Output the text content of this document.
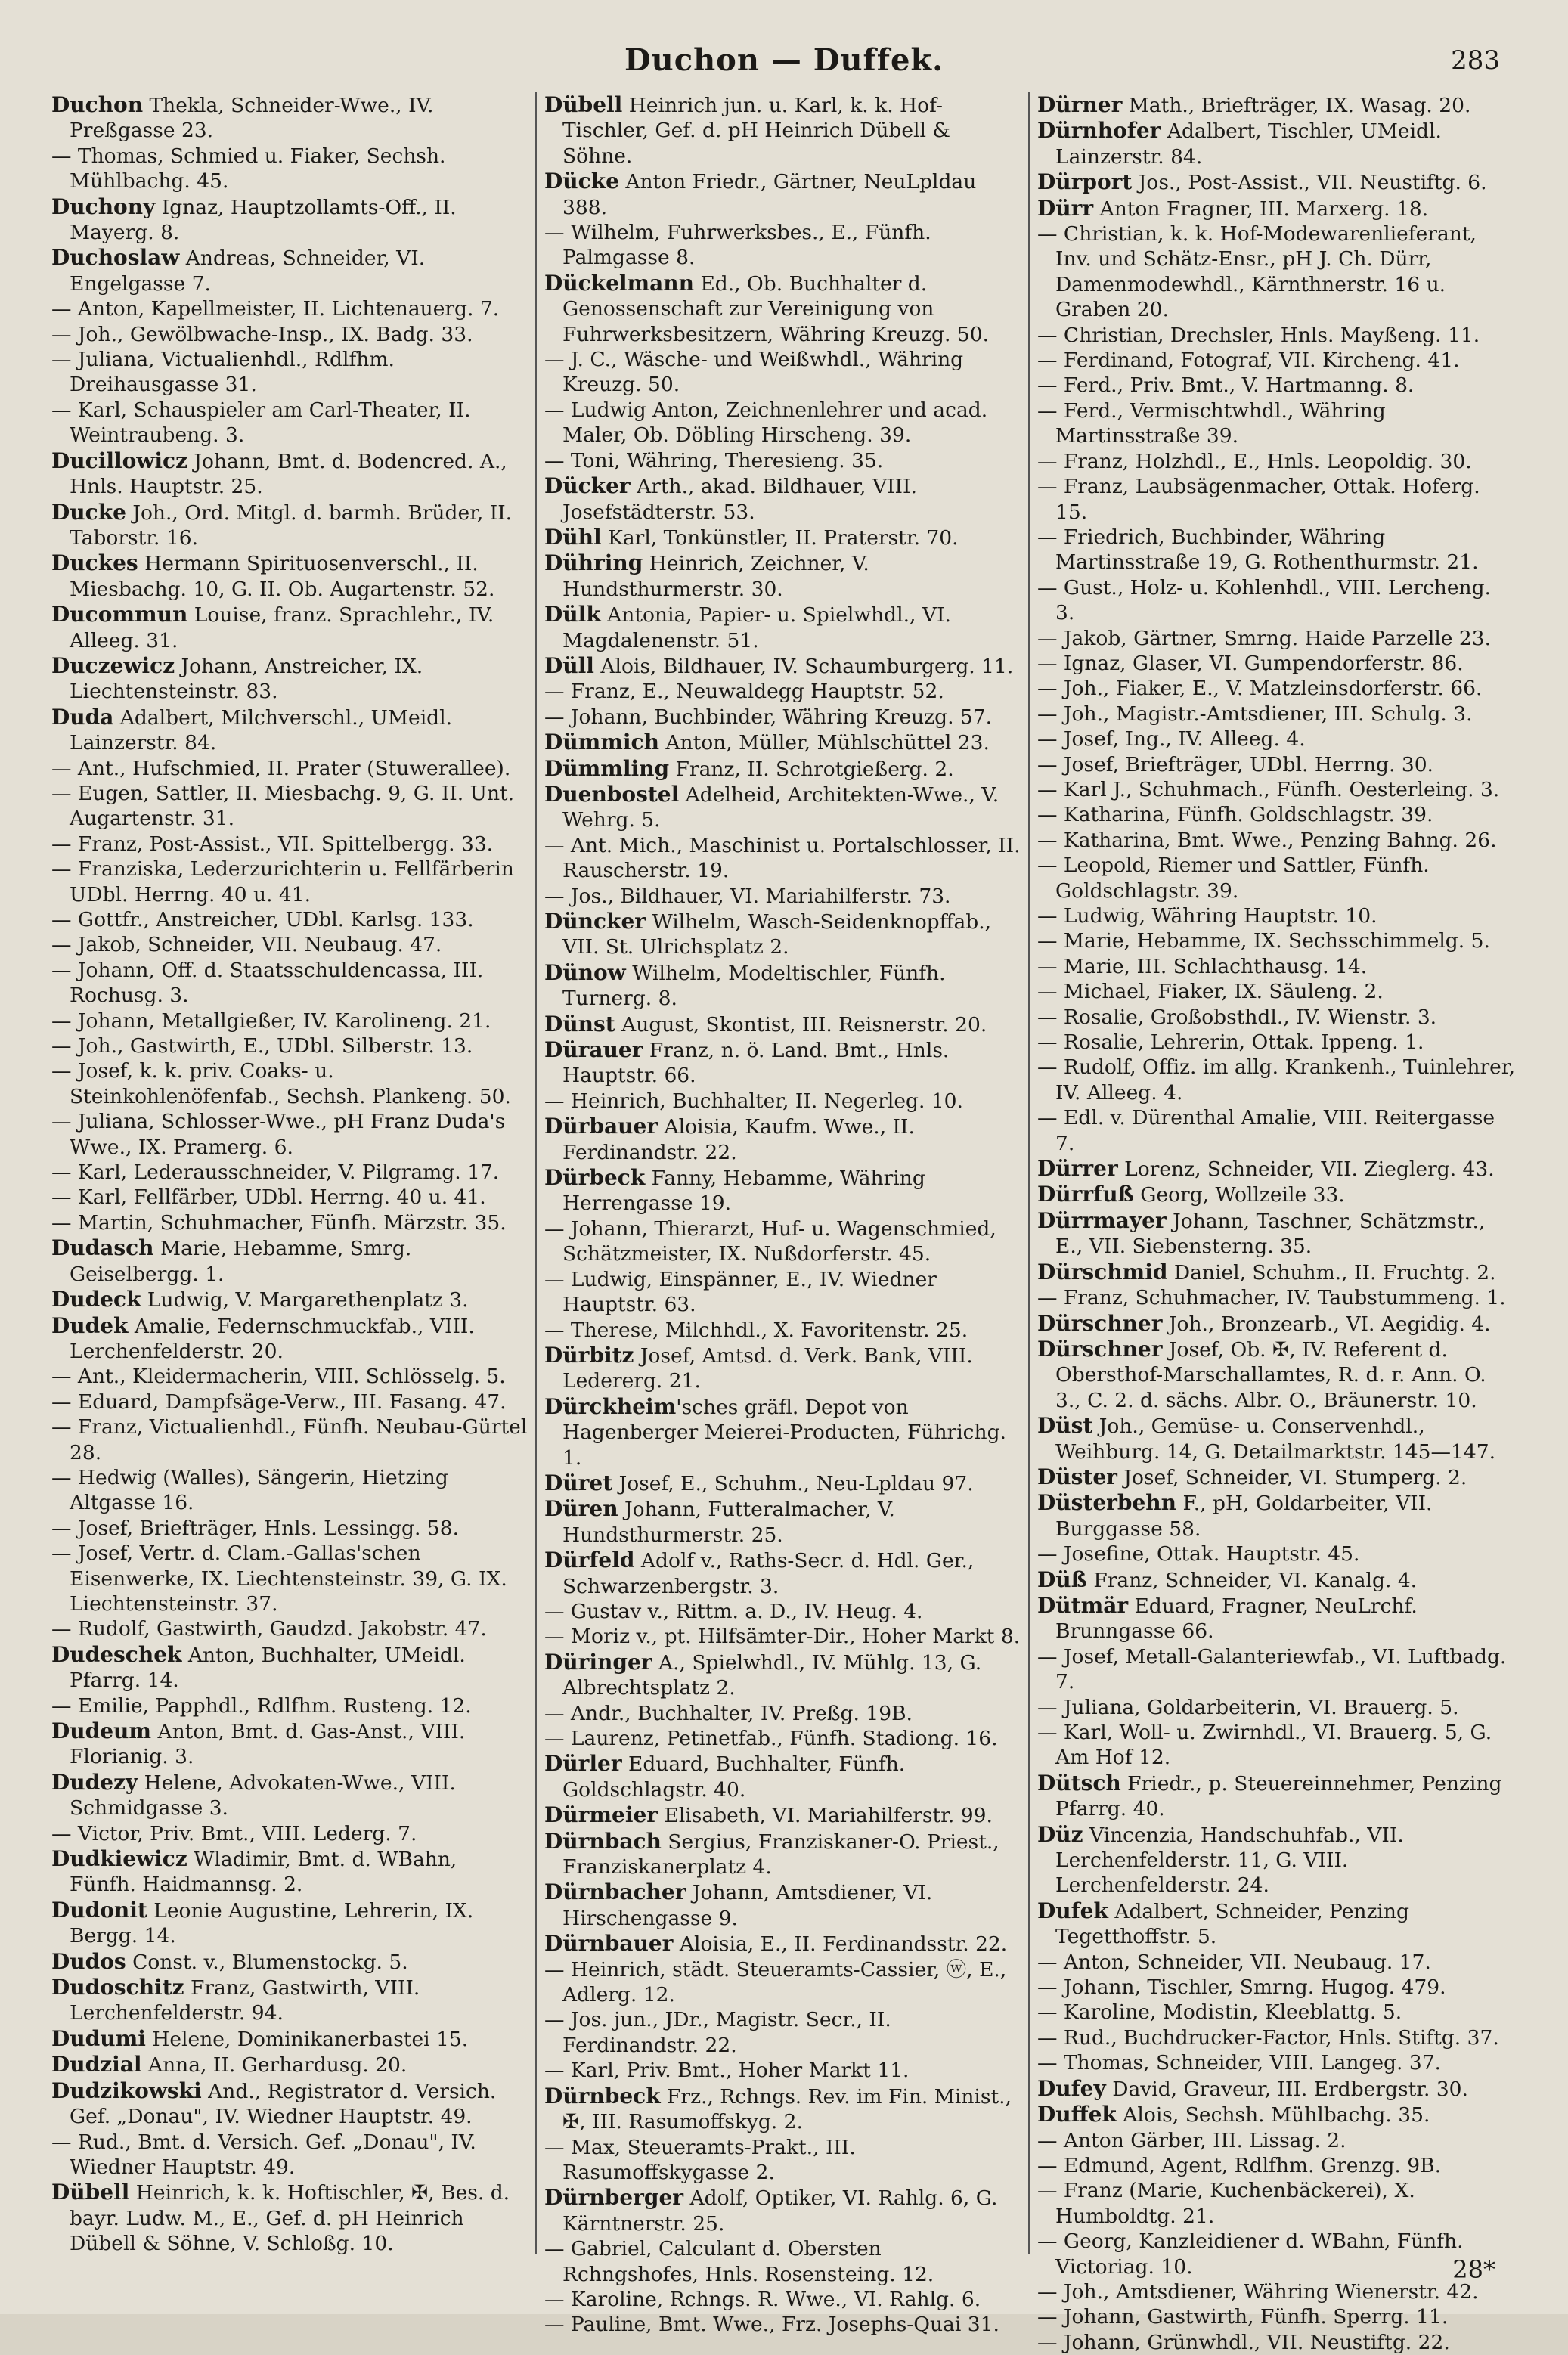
Duchon — Duffek.	283
Duchon Thekla, Schneider-Wwe., IV. Preßgasse 23.
— Thomas, Schmied u. Fiaker, Sechsh. Mühlbachg. 45.
Duchony Ignaz, Hauptzollamts-Off., II. Mayerg. 8.
Duchoslaw Andreas, Schneider, VI. Engelgasse 7.
— Anton, Kapellmeister, II. Lichtenauerg. 7.
— Joh., Gewölbwache-Insp., IX. Badg. 33.
— Juliana, Victualienhdl., Rdlfhm. Dreihausgasse 31.
— Karl, Schauspieler am Carl-Theater, II. Weintraubeng. 3.
Ducillowicz Johann, Bmt. d. Bodencred. A., Hnls. Hauptstr. 25.
Ducke Joh., Ord. Mitgl. d. barmh. Brüder, II. Taborstr. 16.
Duckes Hermann Spirituosenverschl., II. Miesbachg. 10, G. II. Ob. Augartenstr. 52.
Ducommun Louise, franz. Sprachlehr., IV. Alleeg. 31.
Duczewicz Johann, Anstreicher, IX. Liechtensteinstr. 83.
Duda Adalbert, Milchverschl., UMeidl. Lainzerstr. 84.
— Ant., Hufschmied, II. Prater (Stuwerallee).
— Eugen, Sattler, II. Miesbachg. 9, G. II. Unt. Augartenstr. 31.
— Franz, Post-Assist., VII. Spittelbergg. 33.
— Franziska, Lederzurichterin u. Fellfärberin UDbl. Herrng. 40 u. 41.
— Gottfr., Anstreicher, UDbl. Karlsg. 133.
— Jakob, Schneider, VII. Neubaug. 47.
— Johann, Off. d. Staatsschuldencassa, III. Rochusg. 3.
— Johann, Metallgießer, IV. Karolineng. 21.
— Joh., Gastwirth, E., UDbl. Silberstr. 13.
— Josef, k. k. priv. Coaks- u. Steinkohlenöfenfab., Sechsh. Plankeng. 50.
— Juliana, Schlosser-Wwe., pH Franz Duda's Wwe., IX. Pramerg. 6.
— Karl, Lederausschneider, V. Pilgramg. 17.
— Karl, Fellfärber, UDbl. Herrng. 40 u. 41.
— Martin, Schuhmacher, Fünfh. Märzstr. 35.
Dudasch Marie, Hebamme, Smrg. Geiselbergg. 1.
Dudeck Ludwig, V. Margarethenplatz 3.
Dudek Amalie, Federnschmuckfab., VIII. Lerchenfelderstr. 20.
— Ant., Kleidermacherin, VIII. Schlösselg. 5.
— Eduard, Dampfsäge-Verw., III. Fasang. 47.
— Franz, Victualienhdl., Fünfh. Neubau-Gürtel 28.
— Hedwig (Walles), Sängerin, Hietzing Altgasse 16.
— Josef, Briefträger, Hnls. Lessingg. 58.
— Josef, Vertr. d. Clam.-Gallas'schen Eisenwerke, IX. Liechtensteinstr. 39, G. IX. Liechtensteinstr. 37.
— Rudolf, Gastwirth, Gaudzd. Jakobstr. 47.
Dudeschek Anton, Buchhalter, UMeidl. Pfarrg. 14.
— Emilie, Papphdl., Rdlfhm. Rusteng. 12.
Dudeum Anton, Bmt. d. Gas-Anst., VIII. Florianig. 3.
Dudezy Helene, Advokaten-Wwe., VIII. Schmidgasse 3.
— Victor, Priv. Bmt., VIII. Lederg. 7.
Dudkiewicz Wladimir, Bmt. d. WBahn, Fünfh. Haidmannsg. 2.
Dudonit Leonie Augustine, Lehrerin, IX. Bergg. 14.
Dudos Const. v., Blumenstockg. 5.
Dudoschitz Franz, Gastwirth, VIII. Lerchenfelderstr. 94.
Dudumi Helene, Dominikanerbastei 15.
Dudzial Anna, II. Gerhardusg. 20.
Dudzikowski And., Registrator d. Versich. Gef. „Donau", IV. Wiedner Hauptstr. 49.
— Rud., Bmt. d. Versich. Gef. „Donau", IV. Wiedner Hauptstr. 49.
Dübell Heinrich, k. k. Hoftischler, ✠, Bes. d. bayr. Ludw. M., E., Gef. d. pH Heinrich Dübell & Söhne, V. Schloßg. 10.
Dübell Heinrich jun. u. Karl, k. k. Hof-Tischler, Gef. d. pH Heinrich Dübell & Söhne.
Dücke Anton Friedr., Gärtner, NeuLpldau 388.
— Wilhelm, Fuhrwerksbes., E., Fünfh. Palmgasse 8.
Dückelmann Ed., Ob. Buchhalter d. Genossenschaft zur Vereinigung von Fuhrwerksbesitzern, Währing Kreuzg. 50.
— J. C., Wäsche- und Weißwhdl., Währing Kreuzg. 50.
— Ludwig Anton, Zeichnenlehrer und acad. Maler, Ob. Döbling Hirscheng. 39.
— Toni, Währing, Theresieng. 35.
Dücker Arth., akad. Bildhauer, VIII. Josefstädterstr. 53.
Dühl Karl, Tonkünstler, II. Praterstr. 70.
Dühring Heinrich, Zeichner, V. Hundsthurmerstr. 30.
Dülk Antonia, Papier- u. Spielwhdl., VI. Magdalenenstr. 51.
Düll Alois, Bildhauer, IV. Schaumburgerg. 11.
— Franz, E., Neuwaldegg Hauptstr. 52.
— Johann, Buchbinder, Währing Kreuzg. 57.
Dümmich Anton, Müller, Mühlschüttel 23.
Dümmling Franz, II. Schrotgießerg. 2.
Duenbostel Adelheid, Architekten-Wwe., V. Wehrg. 5.
— Ant. Mich., Maschinist u. Portalschlosser, II. Rauscherstr. 19.
— Jos., Bildhauer, VI. Mariahilferstr. 73.
Düncker Wilhelm, Wasch-Seidenknopffab., VII. St. Ulrichsplatz 2.
Dünow Wilhelm, Modeltischler, Fünfh. Turnerg. 8.
Dünst August, Skontist, III. Reisnerstr. 20.
Dürauer Franz, n. ö. Land. Bmt., Hnls. Hauptstr. 66.
— Heinrich, Buchhalter, II. Negerleg. 10.
Dürbauer Aloisia, Kaufm. Wwe., II. Ferdinandstr. 22.
Dürbeck Fanny, Hebamme, Währing Herrengasse 19.
— Johann, Thierarzt, Huf- u. Wagenschmied, Schätzmeister, IX. Nußdorferstr. 45.
— Ludwig, Einspänner, E., IV. Wiedner Hauptstr. 63.
— Therese, Milchhdl., X. Favoritenstr. 25.
Dürbitz Josef, Amtsd. d. Verk. Bank, VIII. Ledererg. 21.
Dürckheim'sches gräfl. Depot von Hagenberger Meierei-Producten, Führichg. 1.
Düret Josef, E., Schuhm., Neu-Lpldau 97.
Düren Johann, Futteralmacher, V. Hundsthurmerstr. 25.
Dürfeld Adolf v., Raths-Secr. d. Hdl. Ger., Schwarzenbergstr. 3.
— Gustav v., Rittm. a. D., IV. Heug. 4.
— Moriz v., pt. Hilfsämter-Dir., Hoher Markt 8.
Düringer A., Spielwhdl., IV. Mühlg. 13, G. Albrechtsplatz 2.
— Andr., Buchhalter, IV. Preßg. 19B.
— Laurenz, Petinetfab., Fünfh. Stadiong. 16.
Dürler Eduard, Buchhalter, Fünfh. Goldschlagstr. 40.
Dürmeier Elisabeth, VI. Mariahilferstr. 99.
Dürnbach Sergius, Franziskaner-O. Priest., Franziskanerplatz 4.
Dürnbacher Johann, Amtsdiener, VI. Hirschengasse 9.
Dürnbauer Aloisia, E., II. Ferdinandsstr. 22.
— Heinrich, städt. Steueramts-Cassier, ⓦ, E., Adlerg. 12.
— Jos. jun., JDr., Magistr. Secr., II. Ferdinandstr. 22.
— Karl, Priv. Bmt., Hoher Markt 11.
Dürnbeck Frz., Rchngs. Rev. im Fin. Minist., ✠, III. Rasumoffskyg. 2.
— Max, Steueramts-Prakt., III. Rasumoffskygasse 2.
Dürnberger Adolf, Optiker, VI. Rahlg. 6, G. Kärntnerstr. 25.
— Gabriel, Calculant d. Obersten Rchngshofes, Hnls. Rosensteing. 12.
— Karoline, Rchngs. R. Wwe., VI. Rahlg. 6.
— Pauline, Bmt. Wwe., Frz. Josephs-Quai 31.
Dürner Math., Briefträger, IX. Wasag. 20.
Dürnhofer Adalbert, Tischler, UMeidl. Lainzerstr. 84.
Dürport Jos., Post-Assist., VII. Neustiftg. 6.
Dürr Anton Fragner, III. Marxerg. 18.
— Christian, k. k. Hof-Modewarenlieferant, Inv. und Schätz-Ensr., pH J. Ch. Dürr, Damenmodewhdl., Kärnthnerstr. 16 u. Graben 20.
— Christian, Drechsler, Hnls. Mayßeng. 11.
— Ferdinand, Fotograf, VII. Kircheng. 41.
— Ferd., Priv. Bmt., V. Hartmanng. 8.
— Ferd., Vermischtwhdl., Währing Martinsstraße 39.
— Franz, Holzhdl., E., Hnls. Leopoldig. 30.
— Franz, Laubsägenmacher, Ottak. Hoferg. 15.
— Friedrich, Buchbinder, Währing Martinsstraße 19, G. Rothenthurmstr. 21.
— Gust., Holz- u. Kohlenhdl., VIII. Lercheng. 3.
— Jakob, Gärtner, Smrng. Haide Parzelle 23.
— Ignaz, Glaser, VI. Gumpendorferstr. 86.
— Joh., Fiaker, E., V. Matzleinsdorferstr. 66.
— Joh., Magistr.-Amtsdiener, III. Schulg. 3.
— Josef, Ing., IV. Alleeg. 4.
— Josef, Briefträger, UDbl. Herrng. 30.
— Karl J., Schuhmach., Fünfh. Oesterleing. 3.
— Katharina, Fünfh. Goldschlagstr. 39.
— Katharina, Bmt. Wwe., Penzing Bahng. 26.
— Leopold, Riemer und Sattler, Fünfh. Goldschlagstr. 39.
— Ludwig, Währing Hauptstr. 10.
— Marie, Hebamme, IX. Sechsschimmelg. 5.
— Marie, III. Schlachthausg. 14.
— Michael, Fiaker, IX. Säuleng. 2.
— Rosalie, Großobsthdl., IV. Wienstr. 3.
— Rosalie, Lehrerin, Ottak. Ippeng. 1.
— Rudolf, Offiz. im allg. Krankenh., Tuinlehrer, IV. Alleeg. 4.
— Edl. v. Dürenthal Amalie, VIII. Reitergasse 7.
Dürrer Lorenz, Schneider, VII. Zieglerg. 43.
Dürrfuß Georg, Wollzeile 33.
Dürrmayer Johann, Taschner, Schätzmstr., E., VII. Siebensterng. 35.
Dürschmid Daniel, Schuhm., II. Fruchtg. 2.
— Franz, Schuhmacher, IV. Taubstummeng. 1.
Dürschner Joh., Bronzearb., VI. Aegidig. 4.
Dürschner Josef, Ob. ✠, IV. Referent d. Obersthof-Marschallamtes, R. d. r. Ann. O. 3., C. 2. d. sächs. Albr. O., Bräunerstr. 10.
Düst Joh., Gemüse- u. Conservenhdl., Weihburg. 14, G. Detailmarktstr. 145—147.
Düster Josef, Schneider, VI. Stumperg. 2.
Düsterbehn F., pH, Goldarbeiter, VII. Burggasse 58.
— Josefine, Ottak. Hauptstr. 45.
Düß Franz, Schneider, VI. Kanalg. 4.
Dütmär Eduard, Fragner, NeuLrchf. Brunngasse 66.
— Josef, Metall-Galanteriewfab., VI. Luftbadg. 7.
— Juliana, Goldarbeiterin, VI. Brauerg. 5.
— Karl, Woll- u. Zwirnhdl., VI. Brauerg. 5, G. Am Hof 12.
Dütsch Friedr., p. Steuereinnehmer, Penzing Pfarrg. 40.
Düz Vincenzia, Handschuhfab., VII. Lerchenfelderstr. 11, G. VIII. Lerchenfelderstr. 24.
Dufek Adalbert, Schneider, Penzing Tegetthoffstr. 5.
— Anton, Schneider, VII. Neubaug. 17.
— Johann, Tischler, Smrng. Hugog. 479.
— Karoline, Modistin, Kleeblattg. 5.
— Rud., Buchdrucker-Factor, Hnls. Stiftg. 37.
— Thomas, Schneider, VIII. Langeg. 37.
Dufey David, Graveur, III. Erdbergstr. 30.
Duffek Alois, Sechsh. Mühlbachg. 35.
— Anton Gärber, III. Lissag. 2.
— Edmund, Agent, Rdlfhm. Grenzg. 9B.
— Franz (Marie, Kuchenbäckerei), X. Humboldtg. 21.
— Georg, Kanzleidiener d. WBahn, Fünfh. Victoriag. 10.
— Joh., Amtsdiener, Währing Wienerstr. 42.
— Johann, Gastwirth, Fünfh. Sperrg. 11.
— Johann, Grünwhdl., VII. Neustiftg. 22.
28*
